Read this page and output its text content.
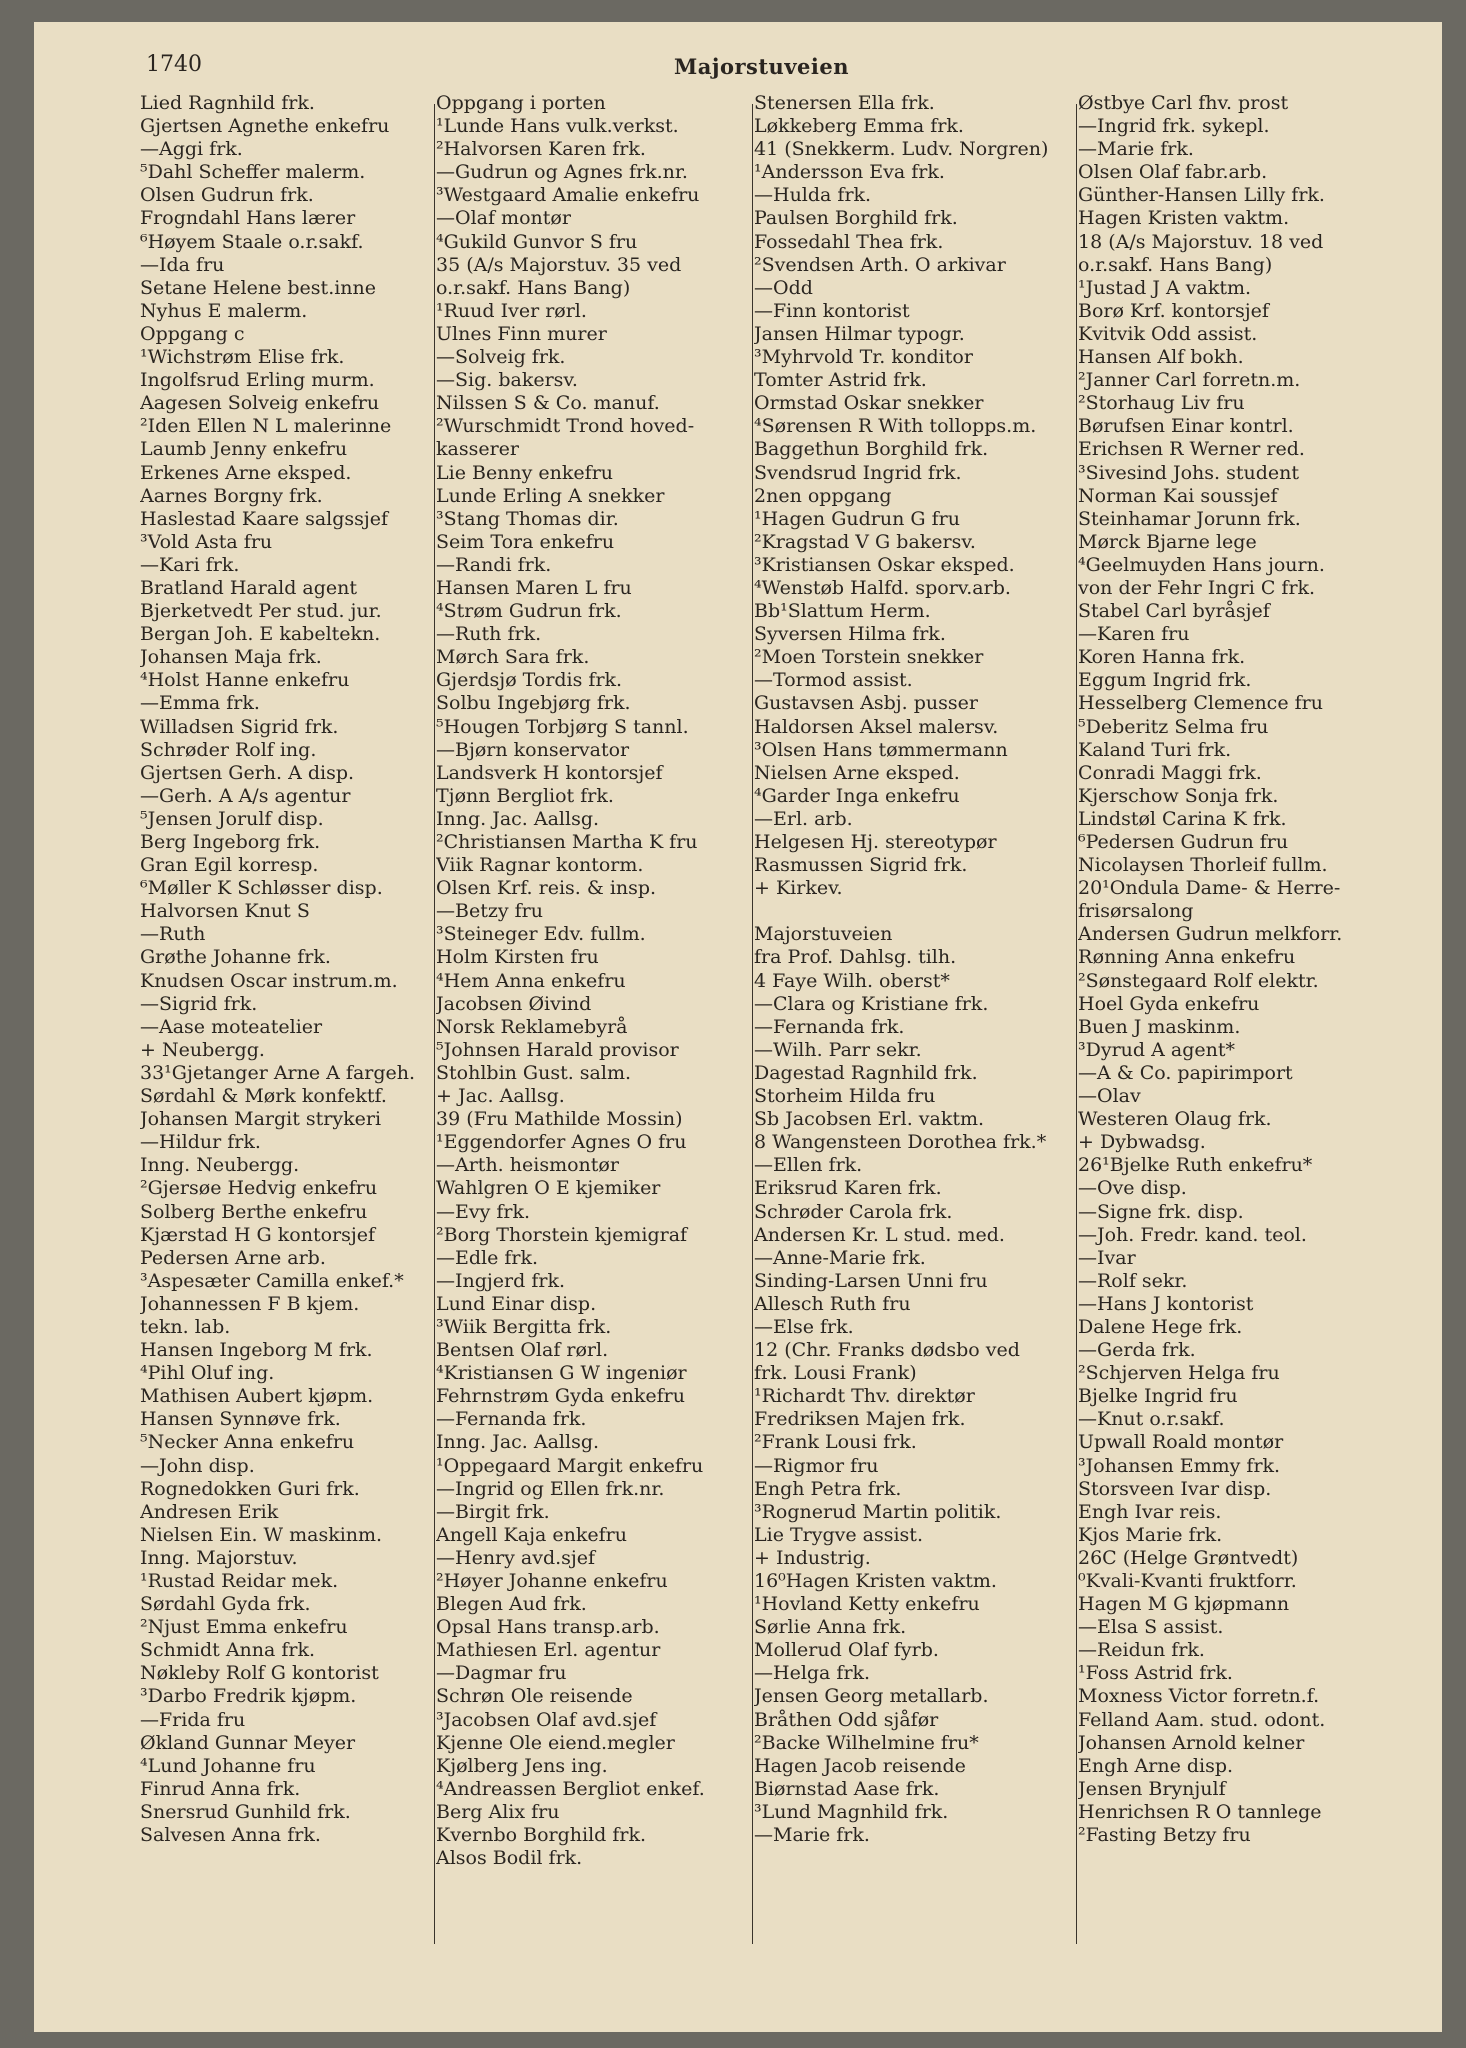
1740	Majorstuveien
Lied Ragnhild frk.
Gjertsen Agnethe enkefru
—Aggi frk.
⁵Dahl Scheffer malerm.
Olsen Gudrun frk.
Frogndahl Hans lærer
⁶Høyem Staale o.r.sakf.
—Ida fru
Setane Helene best.inne
Nyhus E malerm.
Oppgang c
¹Wichstrøm Elise frk.
Ingolfsrud Erling murm.
Aagesen Solveig enkefru
²Iden Ellen N L malerinne
Laumb Jenny enkefru
Erkenes Arne eksped.
Aarnes Borgny frk.
Haslestad Kaare salgssjef
³Vold Asta fru
—Kari frk.
Bratland Harald agent
Bjerketvedt Per stud. jur.
Bergan Joh. E kabeltekn.
Johansen Maja frk.
⁴Holst Hanne enkefru
—Emma frk.
Willadsen Sigrid frk.
Schrøder Rolf ing.
Gjertsen Gerh. A disp.
—Gerh. A A/s agentur
⁵Jensen Jorulf disp.
Berg Ingeborg frk.
Gran Egil korresp.
⁶Møller K Schløsser disp.
Halvorsen Knut S
—Ruth
Grøthe Johanne frk.
Knudsen Oscar instrum.m.
—Sigrid frk.
—Aase moteatelier
+ Neubergg.
33¹Gjetanger Arne A fargeh.
Sørdahl & Mørk konfektf.
Johansen Margit strykeri
—Hildur frk.
Inng. Neubergg.
²Gjersøe Hedvig enkefru
Solberg Berthe enkefru
Kjærstad H G kontorsjef
Pedersen Arne arb.
³Aspesæter Camilla enkef.*
Johannessen F B kjem.
tekn. lab.
Hansen Ingeborg M frk.
⁴Pihl Oluf ing.
Mathisen Aubert kjøpm.
Hansen Synnøve frk.
⁵Necker Anna enkefru
—John disp.
Rognedokken Guri frk.
Andresen Erik
Nielsen Ein. W maskinm.
Inng. Majorstuv.
¹Rustad Reidar mek.
Sørdahl Gyda frk.
²Njust Emma enkefru
Schmidt Anna frk.
Nøkleby Rolf G kontorist
³Darbo Fredrik kjøpm.
—Frida fru
Økland Gunnar Meyer
⁴Lund Johanne fru
Finrud Anna frk.
Snersrud Gunhild frk.
Salvesen Anna frk.
Oppgang i porten
¹Lunde Hans vulk.verkst.
²Halvorsen Karen frk.
—Gudrun og Agnes frk.nr.
³Westgaard Amalie enkefru
—Olaf montør
⁴Gukild Gunvor S fru
35 (A/s Majorstuv. 35 ved
o.r.sakf. Hans Bang)
¹Ruud Iver rørl.
Ulnes Finn murer
—Solveig frk.
—Sig. bakersv.
Nilssen S & Co. manuf.
²Wurschmidt Trond hoved-
kasserer
Lie Benny enkefru
Lunde Erling A snekker
³Stang Thomas dir.
Seim Tora enkefru
—Randi frk.
Hansen Maren L fru
⁴Strøm Gudrun frk.
—Ruth frk.
Mørch Sara frk.
Gjerdsjø Tordis frk.
Solbu Ingebjørg frk.
⁵Hougen Torbjørg S tannl.
—Bjørn konservator
Landsverk H kontorsjef
Tjønn Bergliot frk.
Inng. Jac. Aallsg.
²Christiansen Martha K fru
Viik Ragnar kontorm.
Olsen Krf. reis. & insp.
—Betzy fru
³Steineger Edv. fullm.
Holm Kirsten fru
⁴Hem Anna enkefru
Jacobsen Øivind
Norsk Reklamebyrå
⁵Johnsen Harald provisor
Stohlbin Gust. salm.
+ Jac. Aallsg.
39 (Fru Mathilde Mossin)
¹Eggendorfer Agnes O fru
—Arth. heismontør
Wahlgren O E kjemiker
—Evy frk.
²Borg Thorstein kjemigraf
—Edle frk.
—Ingjerd frk.
Lund Einar disp.
³Wiik Bergitta frk.
Bentsen Olaf rørl.
⁴Kristiansen G W ingeniør
Fehrnstrøm Gyda enkefru
—Fernanda frk.
Inng. Jac. Aallsg.
¹Oppegaard Margit enkefru
—Ingrid og Ellen frk.nr.
—Birgit frk.
Angell Kaja enkefru
—Henry avd.sjef
²Høyer Johanne enkefru
Blegen Aud frk.
Opsal Hans transp.arb.
Mathiesen Erl. agentur
—Dagmar fru
Schrøn Ole reisende
³Jacobsen Olaf avd.sjef
Kjenne Ole eiend.megler
Kjølberg Jens ing.
⁴Andreassen Bergliot enkef.
Berg Alix fru
Kvernbo Borghild frk.
Alsos Bodil frk.
Stenersen Ella frk.
Løkkeberg Emma frk.
41 (Snekkerm. Ludv. Norgren)
¹Andersson Eva frk.
—Hulda frk.
Paulsen Borghild frk.
Fossedahl Thea frk.
²Svendsen Arth. O arkivar
—Odd
—Finn kontorist
Jansen Hilmar typogr.
³Myhrvold Tr. konditor
Tomter Astrid frk.
Ormstad Oskar snekker
⁴Sørensen R With tollopps.m.
Baggethun Borghild frk.
Svendsrud Ingrid frk.
2nen oppgang
¹Hagen Gudrun G fru
²Kragstad V G bakersv.
³Kristiansen Oskar eksped.
⁴Wenstøb Halfd. sporv.arb.
Bb¹Slattum Herm.
Syversen Hilma frk.
²Moen Torstein snekker
—Tormod assist.
Gustavsen Asbj. pusser
Haldorsen Aksel malersv.
³Olsen Hans tømmermann
Nielsen Arne eksped.
⁴Garder Inga enkefru
—Erl. arb.
Helgesen Hj. stereotypør
Rasmussen Sigrid frk.
+ Kirkev.
Majorstuveien
fra Prof. Dahlsg. tilh.
4 Faye Wilh. oberst*
—Clara og Kristiane frk.
—Fernanda frk.
—Wilh. Parr sekr.
Dagestad Ragnhild frk.
Storheim Hilda fru
Sb Jacobsen Erl. vaktm.
8 Wangensteen Dorothea frk.*
—Ellen frk.
Eriksrud Karen frk.
Schrøder Carola frk.
Andersen Kr. L stud. med.
—Anne-Marie frk.
Sinding-Larsen Unni fru
Allesch Ruth fru
—Else frk.
12 (Chr. Franks dødsbo ved
frk. Lousi Frank)
¹Richardt Thv. direktør
Fredriksen Majen frk.
²Frank Lousi frk.
—Rigmor fru
Engh Petra frk.
³Rognerud Martin politik.
Lie Trygve assist.
+ Industrig.
16⁰Hagen Kristen vaktm.
¹Hovland Ketty enkefru
Sørlie Anna frk.
Mollerud Olaf fyrb.
—Helga frk.
Jensen Georg metallarb.
Bråthen Odd sjåfør
²Backe Wilhelmine fru*
Hagen Jacob reisende
Biørnstad Aase frk.
³Lund Magnhild frk.
—Marie frk.
Østbye Carl fhv. prost
—Ingrid frk. sykepl.
—Marie frk.
Olsen Olaf fabr.arb.
Günther-Hansen Lilly frk.
Hagen Kristen vaktm.
18 (A/s Majorstuv. 18 ved
o.r.sakf. Hans Bang)
¹Justad J A vaktm.
Borø Krf. kontorsjef
Kvitvik Odd assist.
Hansen Alf bokh.
²Janner Carl forretn.m.
²Storhaug Liv fru
Børufsen Einar kontrl.
Erichsen R Werner red.
³Sivesind Johs. student
Norman Kai soussjef
Steinhamar Jorunn frk.
Mørck Bjarne lege
⁴Geelmuyden Hans journ.
von der Fehr Ingri C frk.
Stabel Carl byråsjef
—Karen fru
Koren Hanna frk.
Eggum Ingrid frk.
Hesselberg Clemence fru
⁵Deberitz Selma fru
Kaland Turi frk.
Conradi Maggi frk.
Kjerschow Sonja frk.
Lindstøl Carina K frk.
⁶Pedersen Gudrun fru
Nicolaysen Thorleif fullm.
20¹Ondula Dame- & Herre-
frisørsalong
Andersen Gudrun melkforr.
Rønning Anna enkefru
²Sønstegaard Rolf elektr.
Hoel Gyda enkefru
Buen J maskinm.
³Dyrud A agent*
—A & Co. papirimport
—Olav
Westeren Olaug frk.
+ Dybwadsg.
26¹Bjelke Ruth enkefru*
—Ove disp.
—Signe frk. disp.
—Joh. Fredr. kand. teol.
—Ivar
—Rolf sekr.
—Hans J kontorist
Dalene Hege frk.
—Gerda frk.
²Schjerven Helga fru
Bjelke Ingrid fru
—Knut o.r.sakf.
Upwall Roald montør
³Johansen Emmy frk.
Storsveen Ivar disp.
Engh Ivar reis.
Kjos Marie frk.
26C (Helge Grøntvedt)
⁰Kvali-Kvanti fruktforr.
Hagen M G kjøpmann
—Elsa S assist.
—Reidun frk.
¹Foss Astrid frk.
Moxness Victor forretn.f.
Felland Aam. stud. odont.
Johansen Arnold kelner
Engh Arne disp.
Jensen Brynjulf
Henrichsen R O tannlege
²Fasting Betzy fru
